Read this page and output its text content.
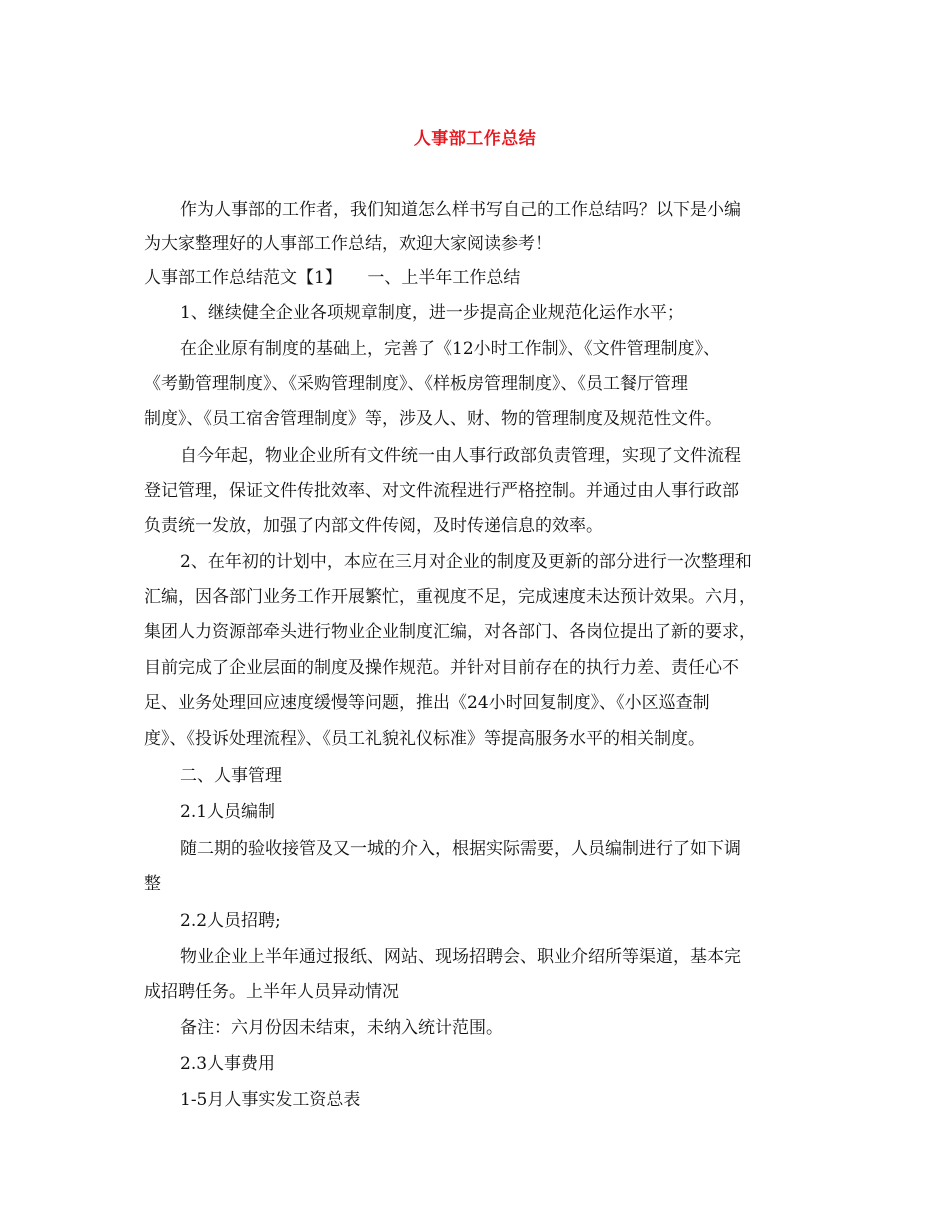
人事部工作总结
作为人事部的工作者，我们知道怎么样书写自己的工作总结吗？以下是小编
为大家整理好的人事部工作总结，欢迎大家阅读参考！
人事部工作总结范文【1】　　一、上半年工作总结
1、继续健全企业各项规章制度，进一步提高企业规范化运作水平；
在企业原有制度的基础上，完善了《12小时工作制》、《文件管理制度》、
《考勤管理制度》、《采购管理制度》、《样板房管理制度》、《员工餐厅管理
制度》、《员工宿舍管理制度》等，涉及人、财、物的管理制度及规范性文件。
自今年起，物业企业所有文件统一由人事行政部负责管理，实现了文件流程
登记管理，保证文件传批效率、对文件流程进行严格控制。并通过由人事行政部
负责统一发放，加强了内部文件传阅，及时传递信息的效率。
2、在年初的计划中，本应在三月对企业的制度及更新的部分进行一次整理和
汇编，因各部门业务工作开展繁忙，重视度不足，完成速度未达预计效果。六月，
集团人力资源部牵头进行物业企业制度汇编，对各部门、各岗位提出了新的要求，
目前完成了企业层面的制度及操作规范。并针对目前存在的执行力差、责任心不
足、业务处理回应速度缓慢等问题，推出《24小时回复制度》、《小区巡查制
度》、《投诉处理流程》、《员工礼貌礼仪标准》等提高服务水平的相关制度。
二、人事管理
2.1人员编制
随二期的验收接管及又一城的介入，根据实际需要，人员编制进行了如下调
整
2.2人员招聘;
物业企业上半年通过报纸、网站、现场招聘会、职业介绍所等渠道，基本完
成招聘任务。上半年人员异动情况
备注：六月份因未结束，未纳入统计范围。
2.3人事费用
1-5月人事实发工资总表
